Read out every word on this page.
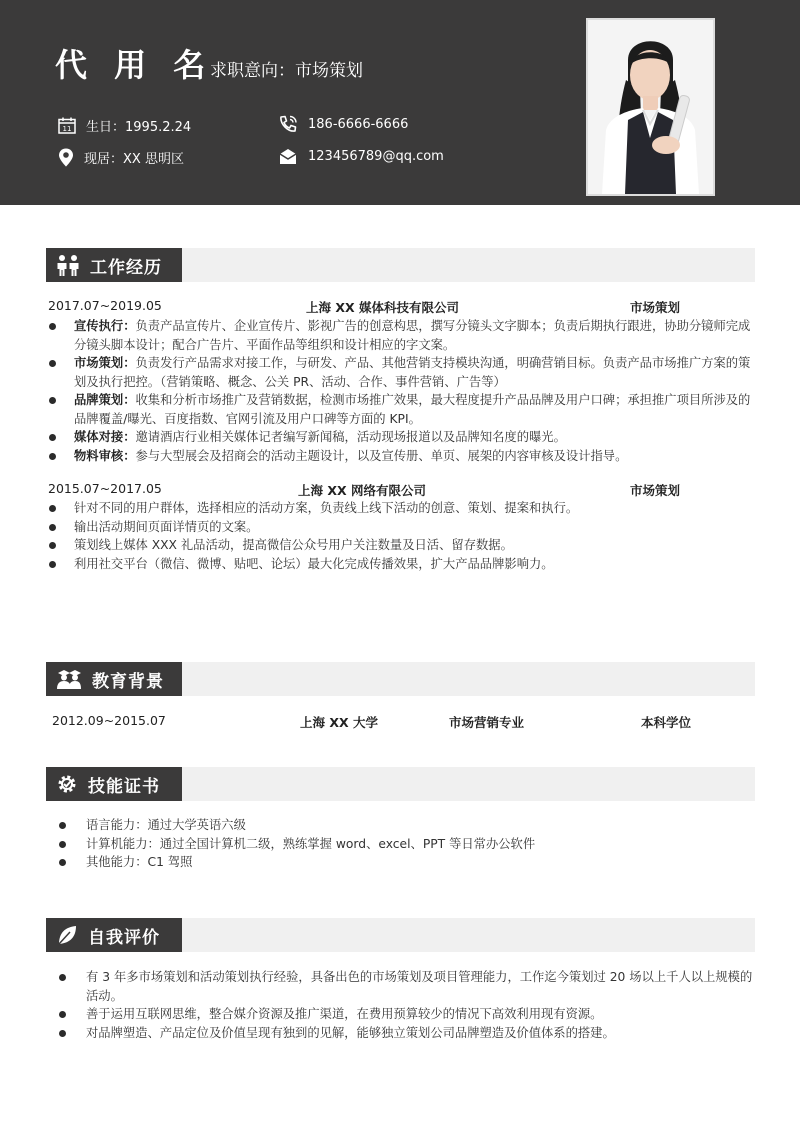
代 用 名
求职意向：市场策划
11 生日：1995.2.24
现居：XX 思明区
186-6666-6666
123456789@qq.com
工作经历
2017.07~2019.05	上海 XX 媒体科技有限公司	市场策划
宣传执行：负责产品宣传片、企业宣传片、影视广告的创意构思，撰写分镜头文字脚本；负责后期执行跟进，协助分镜师完成分镜头脚本设计；配合广告片、平面作品等组织和设计相应的字文案。
市场策划：负责发行产品需求对接工作，与研发、产品、其他营销支持模块沟通，明确营销目标。负责产品市场推广方案的策划及执行把控。（营销策略、概念、公关 PR、活动、合作、事件营销、广告等）
品牌策划：收集和分析市场推广及营销数据，检测市场推广效果，最大程度提升产品品牌及用户口碑；承担推广项目所涉及的品牌覆盖/曝光、百度指数、官网引流及用户口碑等方面的 KPI。
媒体对接：邀请酒店行业相关媒体记者编写新闻稿，活动现场报道以及品牌知名度的曝光。
物料审核：参与大型展会及招商会的活动主题设计，以及宣传册、单页、展架的内容审核及设计指导。
2015.07~2017.05	上海 XX 网络有限公司	市场策划
针对不同的用户群体，选择相应的活动方案，负责线上线下活动的创意、策划、提案和执行。
输出活动期间页面详情页的文案。
策划线上媒体 XXX 礼品活动，提高微信公众号用户关注数量及日活、留存数据。
利用社交平台（微信、微博、贴吧、论坛）最大化完成传播效果，扩大产品品牌影响力。
教育背景
2012.09~2015.07	上海 XX 大学	市场营销专业	本科学位
技能证书
语言能力：通过大学英语六级
计算机能力：通过全国计算机二级，熟练掌握 word、excel、PPT 等日常办公软件
其他能力：C1 驾照
自我评价
有 3 年多市场策划和活动策划执行经验，具备出色的市场策划及项目管理能力，工作迄今策划过 20 场以上千人以上规模的活动。
善于运用互联网思维，整合媒介资源及推广渠道，在费用预算较少的情况下高效利用现有资源。
对品牌塑造、产品定位及价值呈现有独到的见解，能够独立策划公司品牌塑造及价值体系的搭建。
